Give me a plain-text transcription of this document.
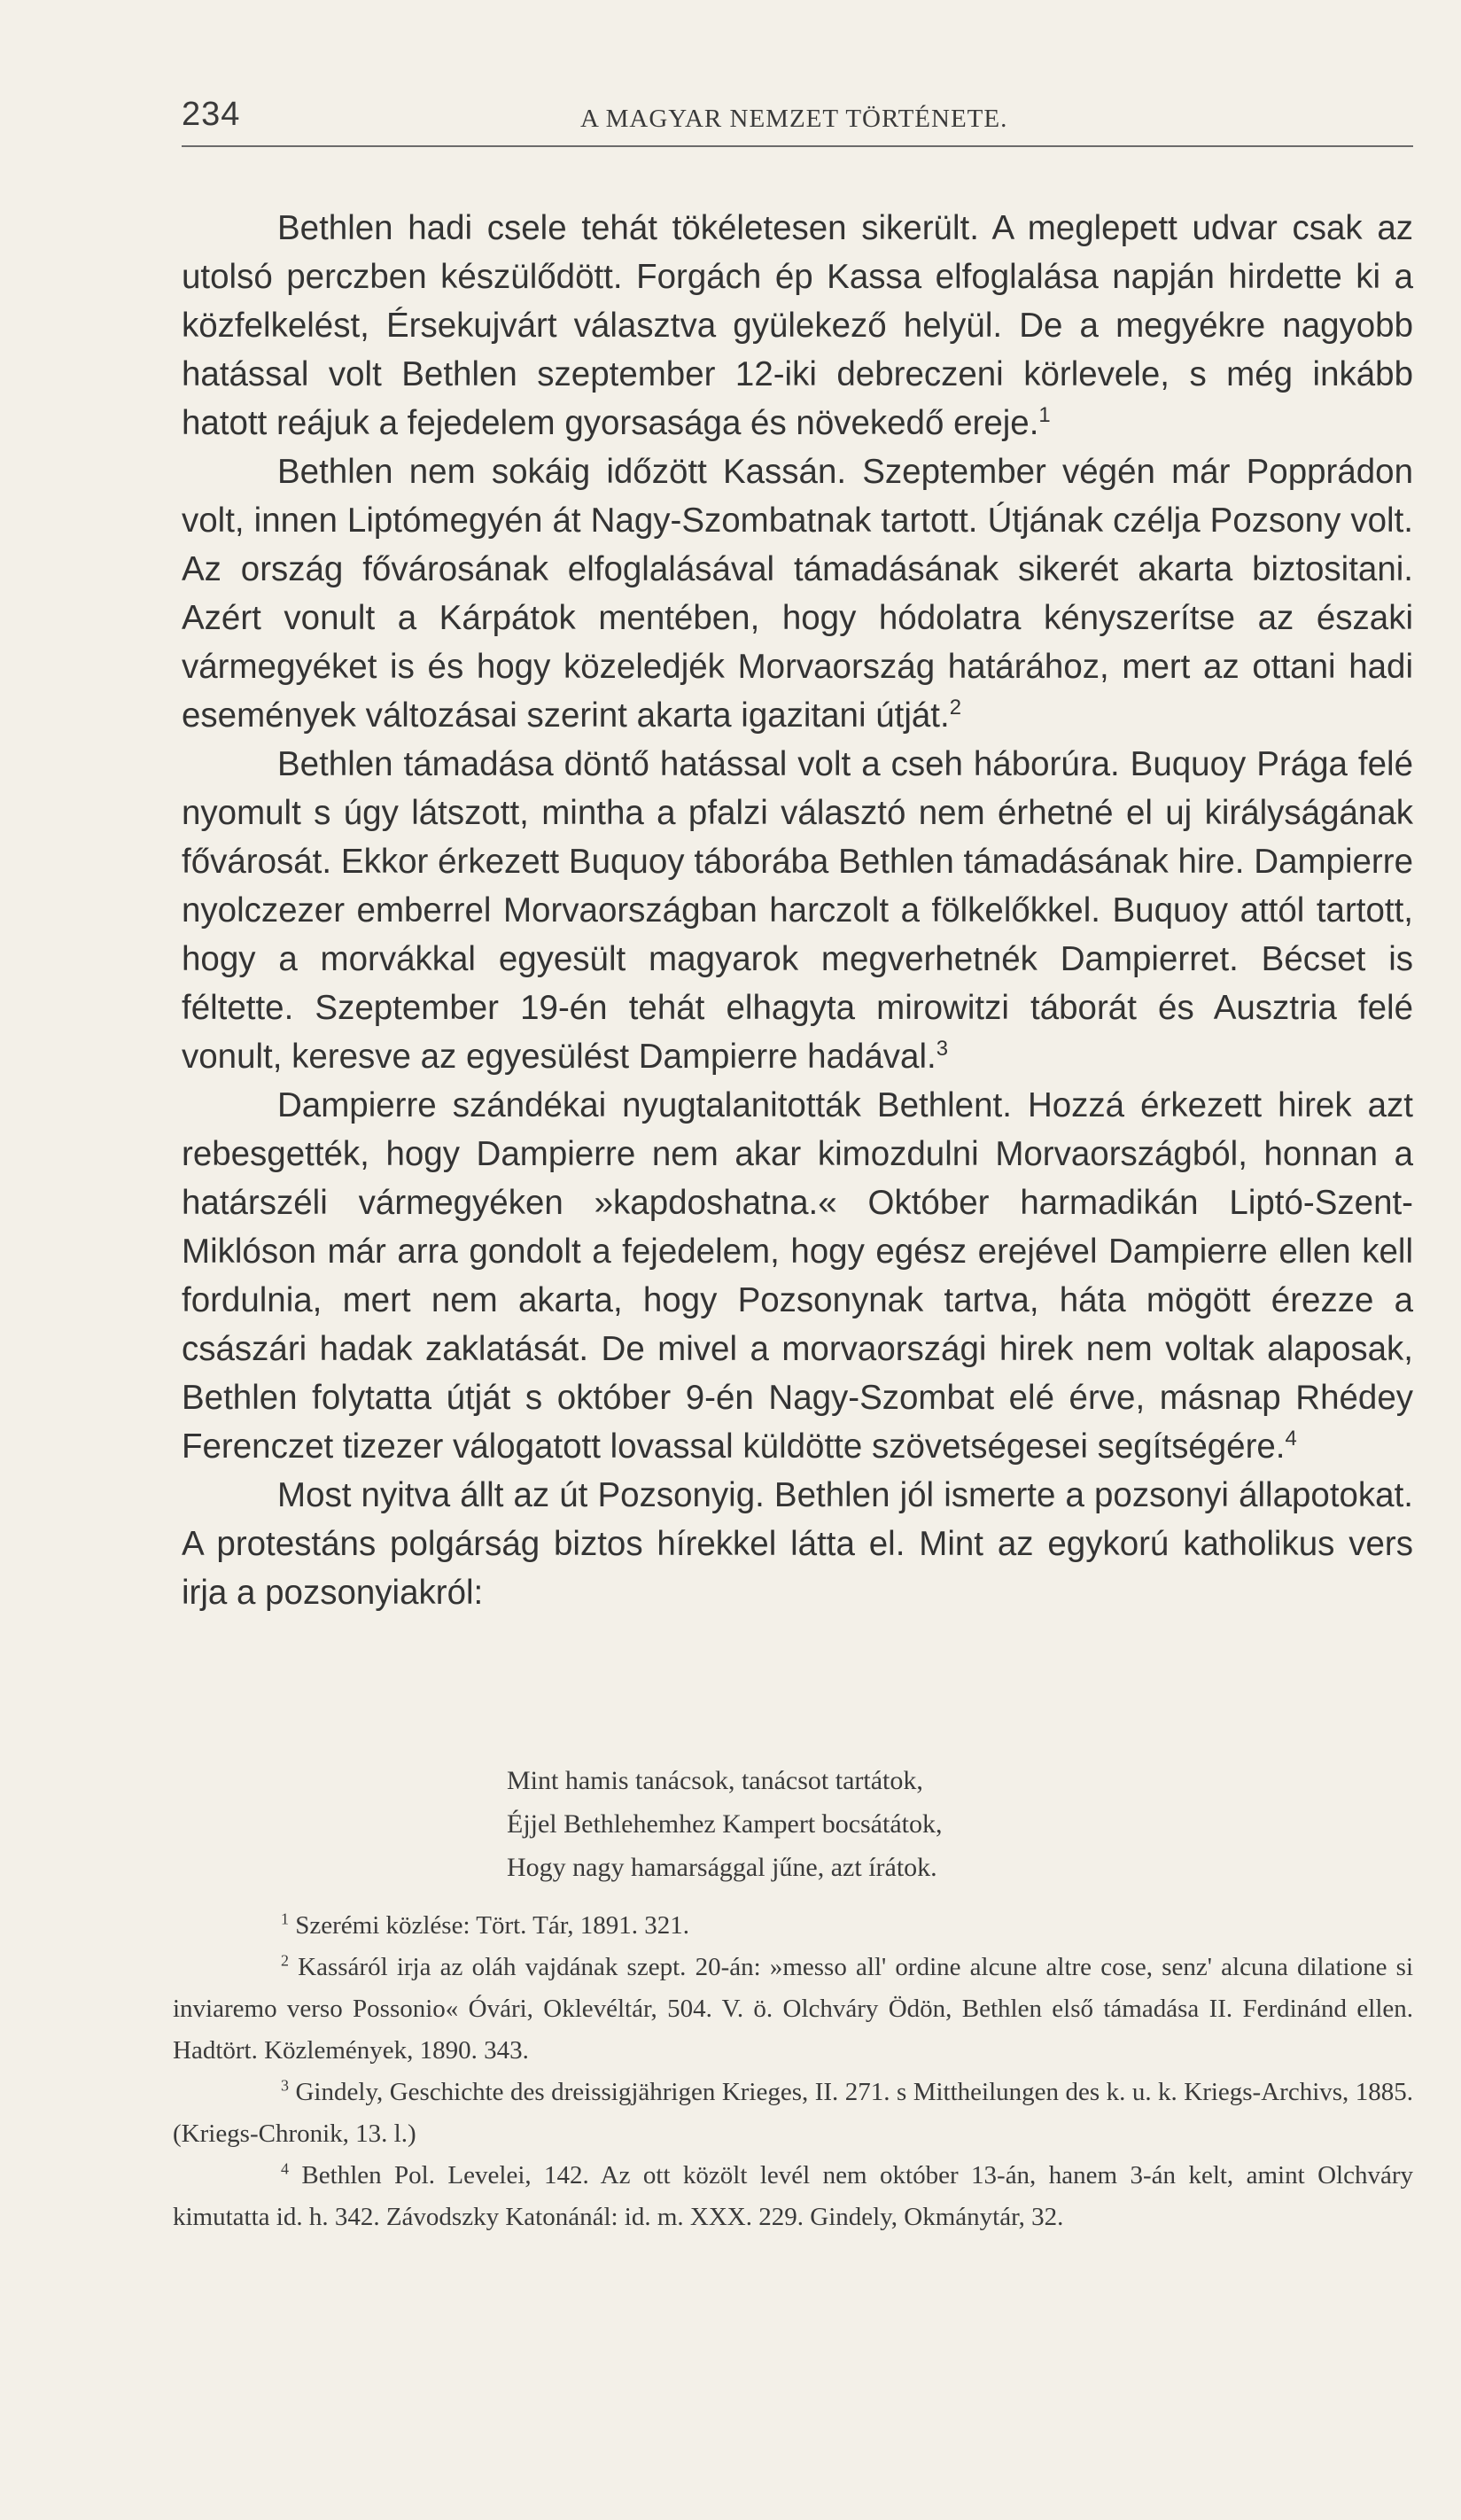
234	A MAGYAR NEMZET TÖRTÉNETE.

Bethlen hadi csele tehát tökéletesen sikerült. A meglepett udvar csak az utolsó perczben készülődött. Forgách ép Kassa elfoglalása napján hirdette ki a közfelkelést, Érsekujvárt választva gyülekező helyül. De a megyékre nagyobb hatással volt Bethlen szeptember 12-iki debreczeni körlevele, s még inkább hatott reájuk a fejedelem gyorsasága és növekedő ereje.$^1$

Bethlen nem sokáig időzött Kassán. Szeptember végén már Popprádon volt, innen Liptómegyén át Nagy-Szombatnak tartott. Útjának czélja Pozsony volt. Az ország fővárosának elfoglalásával támadásának sikerét akarta biztositani. Azért vonult a Kárpátok mentében, hogy hódolatra kényszerítse az északi vármegyéket is és hogy közeledjék Morvaország határához, mert az ottani hadi események változásai szerint akarta igazitani útját.$^2$

Bethlen támadása döntő hatással volt a cseh háborúra. Buquoy Prága felé nyomult s úgy látszott, mintha a pfalzi választó nem érhetné el uj királyságának fővárosát. Ekkor érkezett Buquoy táborába Bethlen támadásának hire. Dampierre nyolczezer emberrel Morvaországban harczolt a fölkelőkkel. Buquoy attól tartott, hogy a morvákkal egyesült magyarok megverhetnék Dampierret. Bécset is féltette. Szeptember 19-én tehát elhagyta mirowitzi táborát és Ausztria felé vonult, keresve az egyesülést Dampierre hadával.$^3$

Dampierre szándékai nyugtalanitották Bethlent. Hozzá érkezett hirek azt rebesgették, hogy Dampierre nem akar kimozdulni Morvaországból, honnan a határszéli vármegyéken »kapdoshatna.« Október harmadikán Liptó-Szent-Miklóson már arra gondolt a fejedelem, hogy egész erejével Dampierre ellen kell fordulnia, mert nem akarta, hogy Pozsonynak tartva, háta mögött érezze a császári hadak zaklatását. De mivel a morvaországi hirek nem voltak alaposak, Bethlen folytatta útját s október 9-én Nagy-Szombat elé érve, másnap Rhédey Ferenczet tizezer válogatott lovassal küldötte szövetségesei segítségére.$^4$

Most nyitva állt az út Pozsonyig. Bethlen jól ismerte a pozsonyi állapotokat. A protestáns polgárság biztos hírekkel látta el. Mint az egykorú katholikus vers irja a pozsonyiakról:

Mint hamis tanácsok, tanácsot tartátok,
Éjjel Bethlehemhez Kampert bocsátátok,
Hogy nagy hamarsággal jűne, azt írátok.

$^1$ Szerémi közlése: Tört. Tár, 1891. 321.

$^2$ Kassáról irja az oláh vajdának szept. 20-án: »messo all' ordine alcune altre cose, senz' alcuna dilatione si inviaremo verso Possonio« Óvári, Oklevéltár, 504. V. ö. Olchváry Ödön, Bethlen első támadása II. Ferdinánd ellen. Hadtört. Közlemények, 1890. 343.

$^3$ Gindely, Geschichte des dreissigjährigen Krieges, II. 271. s Mittheilungen des k. u. k. Kriegs-Archivs, 1885. (Kriegs-Chronik, 13. l.)

$^4$ Bethlen Pol. Levelei, 142. Az ott közölt levél nem október 13-án, hanem 3-án kelt, amint Olchváry kimutatta id. h. 342. Závodszky Katonánál: id. m. XXX. 229. Gindely, Okmánytár, 32.
